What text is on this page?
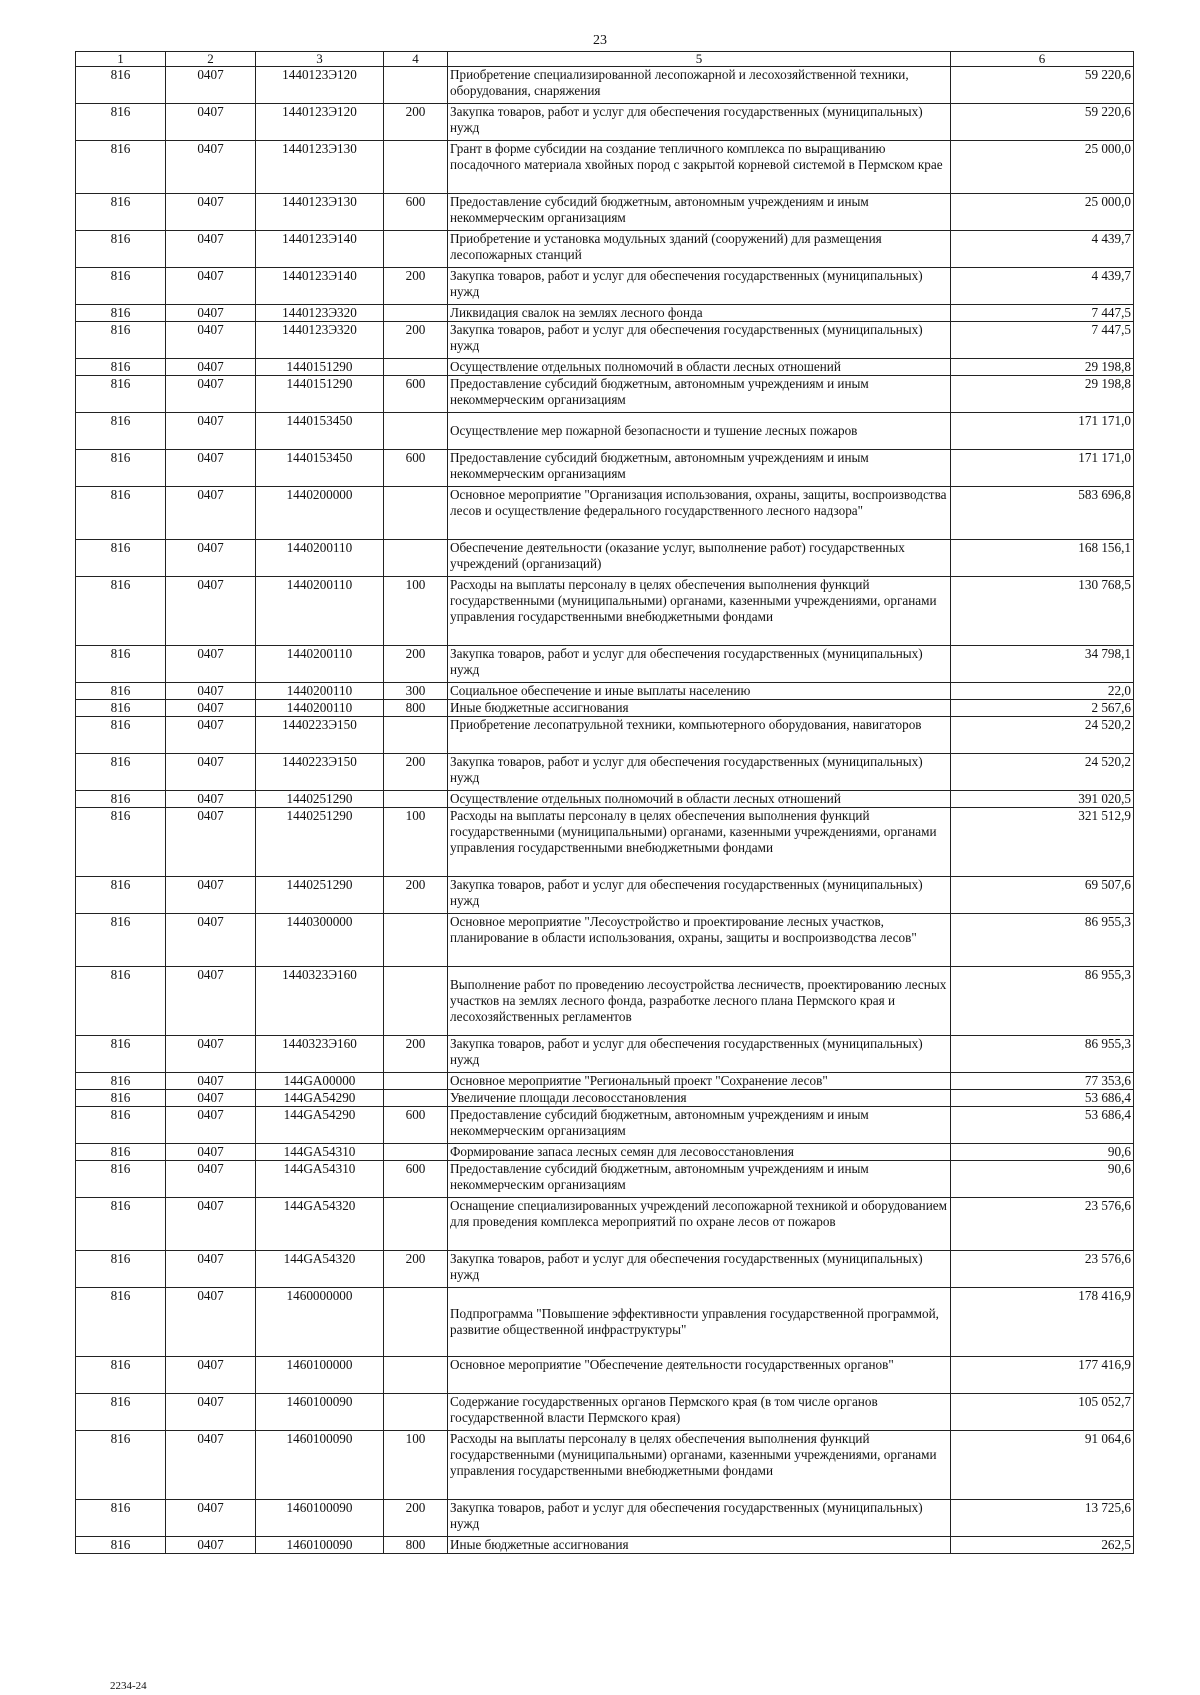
23
1	2	3	4	5	6
816	0407	1440123Э120		Приобретение специализированной лесопожарной и лесохозяйственной техники, оборудования, снаряжения	59 220,6
816	0407	1440123Э120	200	Закупка товаров, работ и услуг для обеспечения государственных (муниципальных) нужд	59 220,6
816	0407	1440123Э130		Грант в форме субсидии на создание тепличного комплекса по выращиванию посадочного материала хвойных пород с закрытой корневой системой в Пермском крае	25 000,0
816	0407	1440123Э130	600	Предоставление субсидий бюджетным, автономным учреждениям и иным некоммерческим организациям	25 000,0
816	0407	1440123Э140		Приобретение и установка модульных зданий (сооружений) для размещения лесопожарных станций	4 439,7
816	0407	1440123Э140	200	Закупка товаров, работ и услуг для обеспечения государственных (муниципальных) нужд	4 439,7
816	0407	1440123Э320		Ликвидация свалок на землях лесного фонда	7 447,5
816	0407	1440123Э320	200	Закупка товаров, работ и услуг для обеспечения государственных (муниципальных) нужд	7 447,5
816	0407	1440151290		Осуществление отдельных полномочий в области лесных отношений	29 198,8
816	0407	1440151290	600	Предоставление субсидий бюджетным, автономным учреждениям и иным некоммерческим организациям	29 198,8
816	0407	1440153450		Осуществление мер пожарной безопасности и тушение лесных пожаров	171 171,0
816	0407	1440153450	600	Предоставление субсидий бюджетным, автономным учреждениям и иным некоммерческим организациям	171 171,0
816	0407	1440200000		Основное мероприятие "Организация использования, охраны, защиты, воспроизводства лесов и осуществление федерального государственного лесного надзора"	583 696,8
816	0407	1440200110		Обеспечение деятельности (оказание услуг, выполнение работ) государственных учреждений (организаций)	168 156,1
816	0407	1440200110	100	Расходы на выплаты персоналу в целях обеспечения выполнения функций государственными (муниципальными) органами, казенными учреждениями, органами управления государственными внебюджетными фондами	130 768,5
816	0407	1440200110	200	Закупка товаров, работ и услуг для обеспечения государственных (муниципальных) нужд	34 798,1
816	0407	1440200110	300	Социальное обеспечение и иные выплаты населению	22,0
816	0407	1440200110	800	Иные бюджетные ассигнования	2 567,6
816	0407	1440223Э150		Приобретение лесопатрульной техники, компьютерного оборудования, навигаторов	24 520,2
816	0407	1440223Э150	200	Закупка товаров, работ и услуг для обеспечения государственных (муниципальных) нужд	24 520,2
816	0407	1440251290		Осуществление отдельных полномочий в области лесных отношений	391 020,5
816	0407	1440251290	100	Расходы на выплаты персоналу в целях обеспечения выполнения функций государственными (муниципальными) органами, казенными учреждениями, органами управления государственными внебюджетными фондами	321 512,9
816	0407	1440251290	200	Закупка товаров, работ и услуг для обеспечения государственных (муниципальных) нужд	69 507,6
816	0407	1440300000		Основное мероприятие "Лесоустройство и проектирование лесных участков, планирование в области использования, охраны, защиты и воспроизводства лесов"	86 955,3
816	0407	1440323Э160		Выполнение работ по проведению лесоустройства лесничеств, проектированию лесных участков на землях лесного фонда, разработке лесного плана Пермского края и лесохозяйственных регламентов	86 955,3
816	0407	1440323Э160	200	Закупка товаров, работ и услуг для обеспечения государственных (муниципальных) нужд	86 955,3
816	0407	144GA00000		Основное мероприятие "Региональный проект "Сохранение лесов"	77 353,6
816	0407	144GA54290		Увеличение площади лесовосстановления	53 686,4
816	0407	144GA54290	600	Предоставление субсидий бюджетным, автономным учреждениям и иным некоммерческим организациям	53 686,4
816	0407	144GA54310		Формирование запаса лесных семян для лесовосстановления	90,6
816	0407	144GA54310	600	Предоставление субсидий бюджетным, автономным учреждениям и иным некоммерческим организациям	90,6
816	0407	144GA54320		Оснащение специализированных учреждений лесопожарной техникой и оборудованием для проведения комплекса мероприятий по охране лесов от пожаров	23 576,6
816	0407	144GA54320	200	Закупка товаров, работ и услуг для обеспечения государственных (муниципальных) нужд	23 576,6
816	0407	1460000000		Подпрограмма "Повышение эффективности управления государственной программой, развитие общественной инфраструктуры"	178 416,9
816	0407	1460100000		Основное мероприятие "Обеспечение деятельности государственных органов"	177 416,9
816	0407	1460100090		Содержание государственных органов Пермского края (в том числе органов государственной власти Пермского края)	105 052,7
816	0407	1460100090	100	Расходы на выплаты персоналу в целях обеспечения выполнения функций государственными (муниципальными) органами, казенными учреждениями, органами управления государственными внебюджетными фондами	91 064,6
816	0407	1460100090	200	Закупка товаров, работ и услуг для обеспечения государственных (муниципальных) нужд	13 725,6
816	0407	1460100090	800	Иные бюджетные ассигнования	262,5
2234-24
